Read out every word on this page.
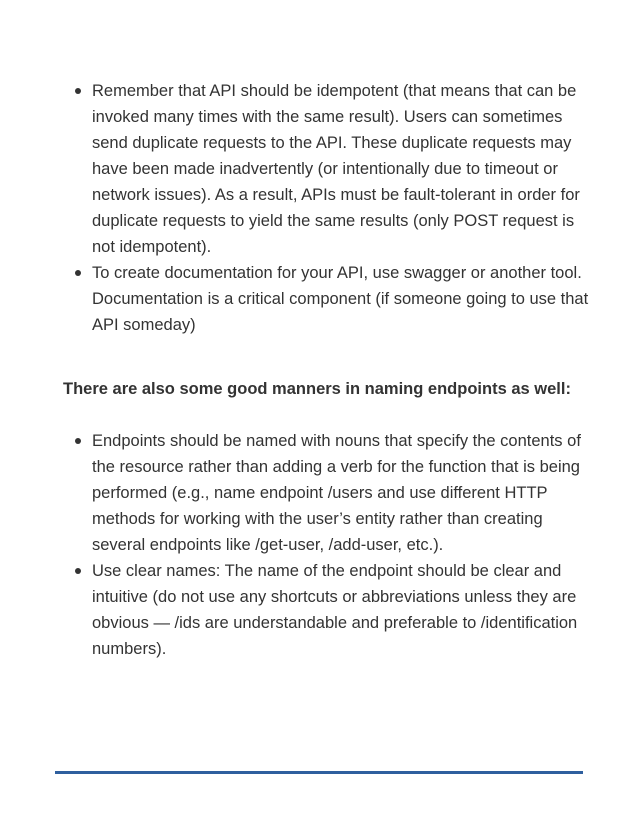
Remember that API should be idempotent (that means that can be invoked many times with the same result). Users can sometimes send duplicate requests to the API. These duplicate requests may have been made inadvertently (or intentionally due to timeout or network issues). As a result, APIs must be fault-tolerant in order for duplicate requests to yield the same results (only POST request is not idempotent).
To create documentation for your API, use swagger or another tool. Documentation is a critical component (if someone going to use that API someday)

There are also some good manners in naming endpoints as well:

Endpoints should be named with nouns that specify the contents of the resource rather than adding a verb for the function that is being performed (e.g., name endpoint /users and use different HTTP methods for working with the user’s entity rather than creating several endpoints like /get-user, /add-user, etc.).
Use clear names: The name of the endpoint should be clear and intuitive (do not use any shortcuts or abbreviations unless they are obvious — /ids are understandable and preferable to /identification numbers).
